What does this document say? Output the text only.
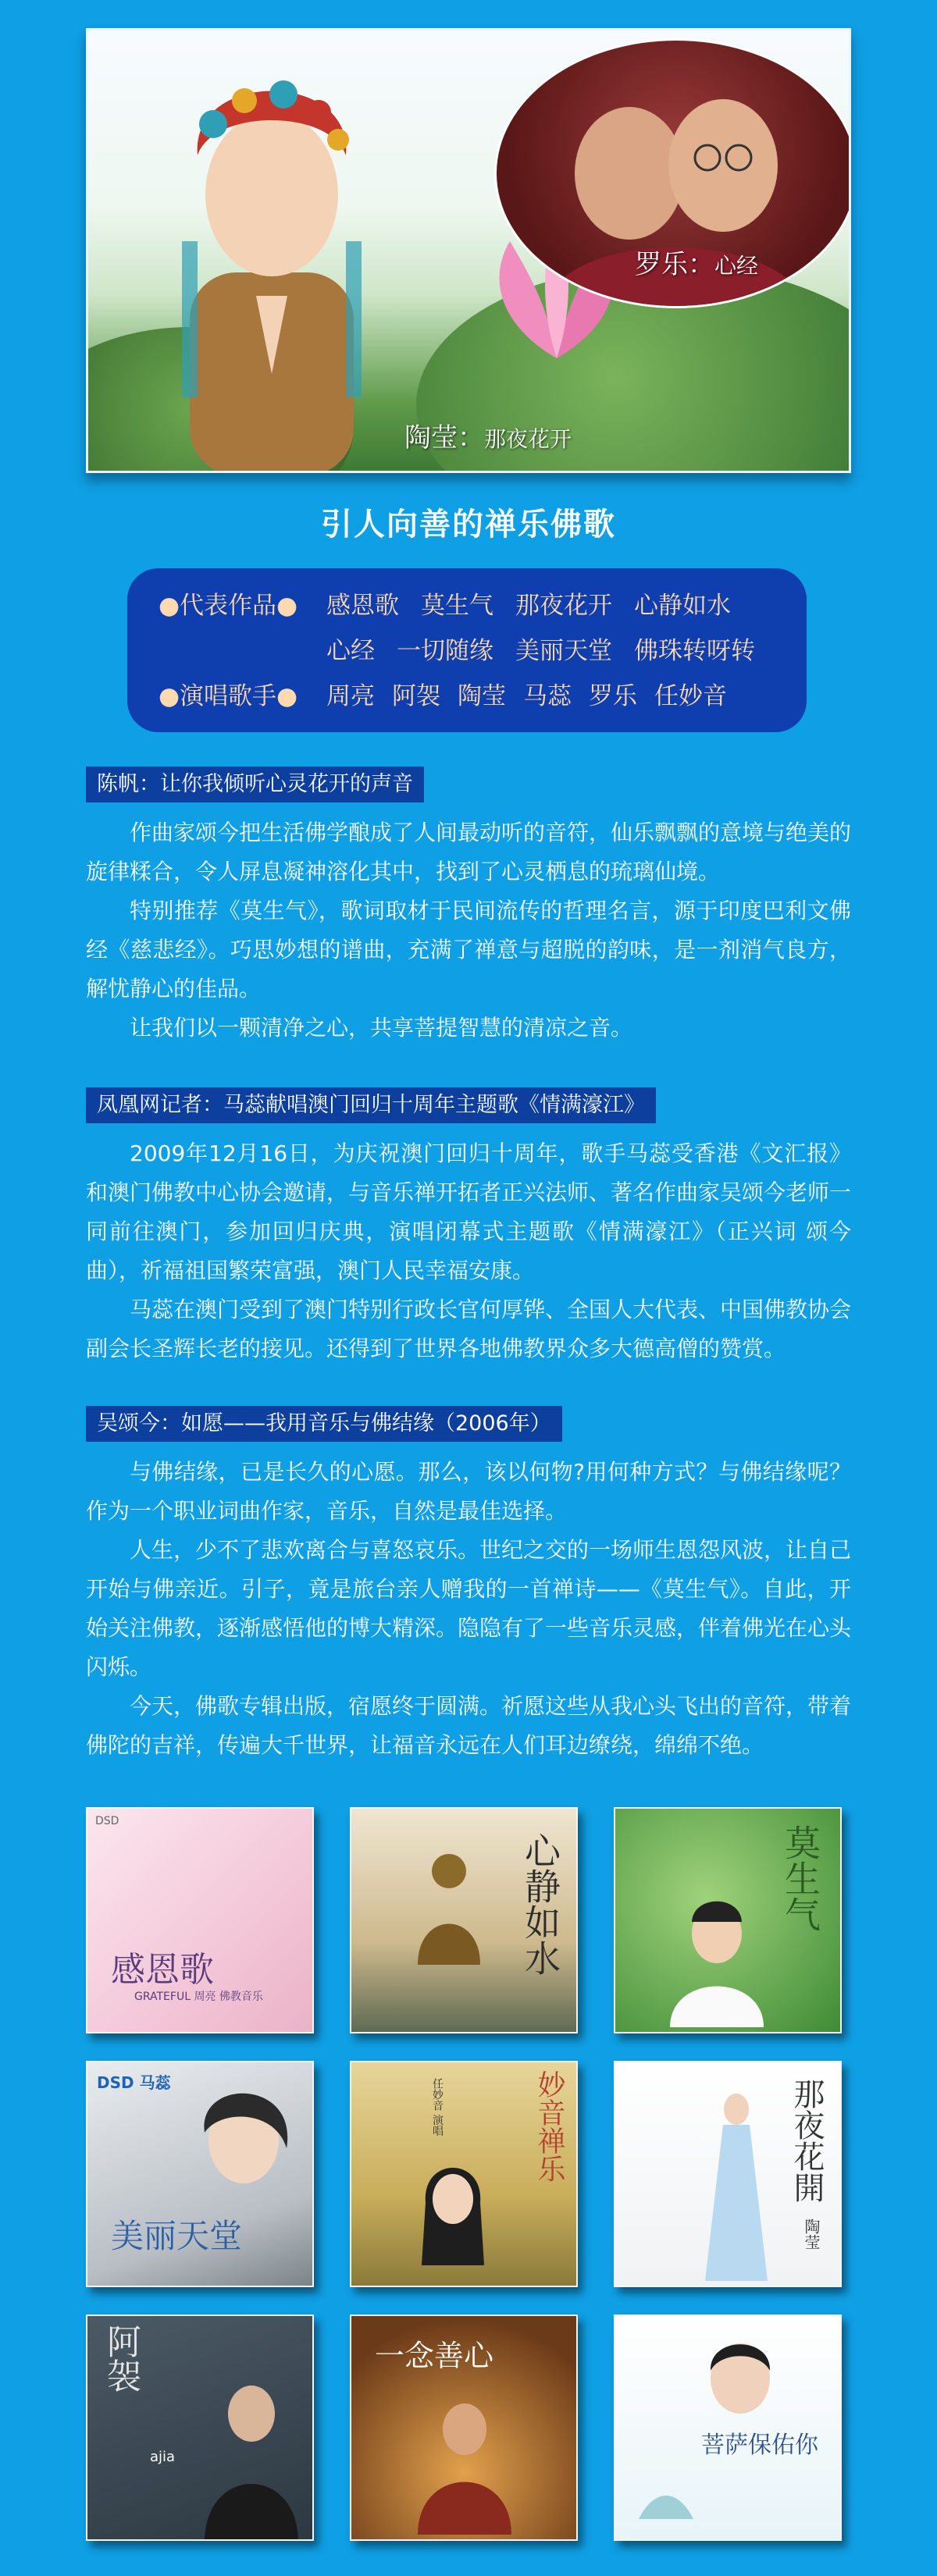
陶莹：那夜花开
罗乐：心经
引人向善的禅乐佛歌
●代表作品● 感恩歌 莫生气 那夜花开 心静如水
心经 一切随缘 美丽天堂 佛珠转呀转
●演唱歌手● 周亮 阿袈 陶莹 马蕊 罗乐 任妙音
陈帆：让你我倾听心灵花开的声音

作曲家颂今把生活佛学酿成了人间最动听的音符，仙乐飘飘的意境与绝美的旋律糅合，令人屏息凝神溶化其中，找到了心灵栖息的琉璃仙境。

特别推荐《莫生气》，歌词取材于民间流传的哲理名言，源于印度巴利文佛经《慈悲经》。巧思妙想的谱曲，充满了禅意与超脱的韵味，是一剂消气良方，解忧静心的佳品。

让我们以一颗清净之心，共享菩提智慧的清凉之音。

凤凰网记者：马蕊献唱澳门回归十周年主题歌《情满濠江》

2009年12月16日，为庆祝澳门回归十周年，歌手马蕊受香港《文汇报》和澳门佛教中心协会邀请，与音乐禅开拓者正兴法师、著名作曲家吴颂今老师一同前往澳门，参加回归庆典，演唱闭幕式主题歌《情满濠江》（正兴词 颂今曲），祈福祖国繁荣富强，澳门人民幸福安康。

马蕊在澳门受到了澳门特别行政长官何厚铧、全国人大代表、中国佛教协会副会长圣辉长老的接见。还得到了世界各地佛教界众多大德高僧的赞赏。

吴颂今：如愿——我用音乐与佛结缘（2006年）

与佛结缘，已是长久的心愿。那么，该以何物?用何种方式？与佛结缘呢？作为一个职业词曲作家，音乐，自然是最佳选择。

人生，少不了悲欢离合与喜怒哀乐。世纪之交的一场师生恩怨风波，让自己开始与佛亲近。引子，竟是旅台亲人赠我的一首禅诗——《莫生气》。自此，开始关注佛教，逐渐感悟他的博大精深。隐隐有了一些音乐灵感，伴着佛光在心头闪烁。

今天，佛歌专辑出版，宿愿终于圆满。祈愿这些从我心头飞出的音符，带着佛陀的吉祥，传遍大千世界，让福音永远在人们耳边缭绕，绵绵不绝。

DSD
感恩歌
GRATEFUL 周亮 佛教音乐
心静如水	莫生气
DSD 马蕊
美丽天堂
妙音禅乐
任妙音 演唱	那夜花開
陶莹
阿袈
ajia
一念善心
菩萨保佑你
